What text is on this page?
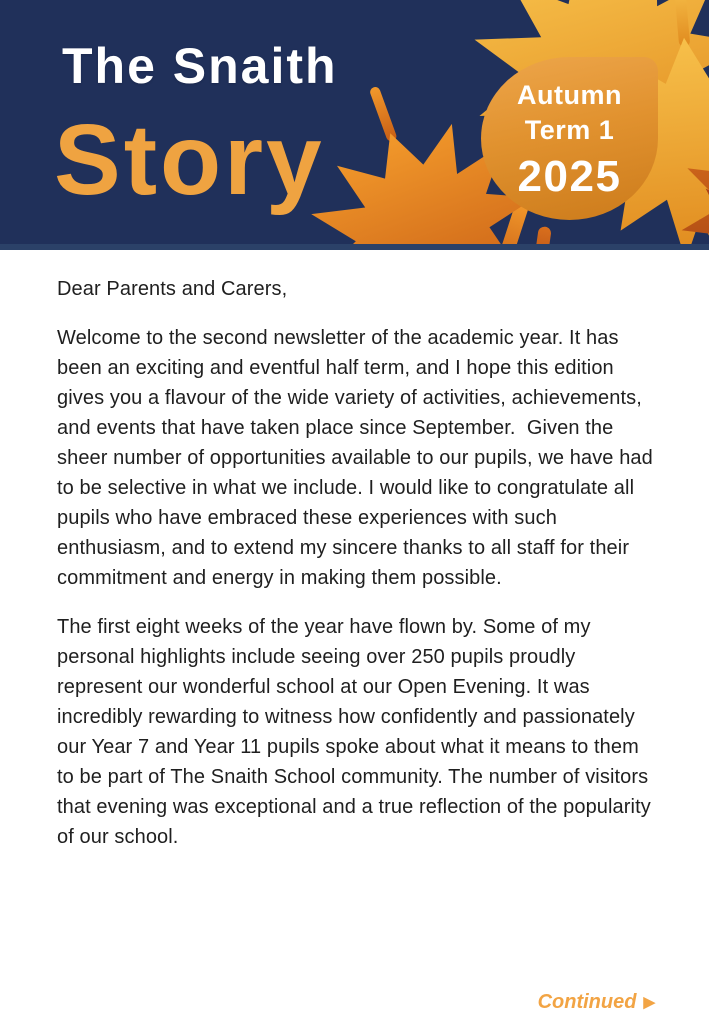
The Snaith
Story
Autumn
Term 1
2025

Dear Parents and Carers,

Welcome to the second newsletter of the academic year. It has been an exciting and eventful half term, and I hope this edition gives you a flavour of the wide variety of activities, achievements, and events that have taken place since September.  Given the sheer number of opportunities available to our pupils, we have had to be selective in what we include. I would like to congratulate all pupils who have embraced these experiences with such enthusiasm, and to extend my sincere thanks to all staff for their commitment and energy in making them possible.

The first eight weeks of the year have flown by. Some of my personal highlights include seeing over 250 pupils proudly represent our wonderful school at our Open Evening. It was incredibly rewarding to witness how confidently and passionately our Year 7 and Year 11 pupils spoke about what it means to them to be part of The Snaith School community. The number of visitors that evening was exceptional and a true reflection of the popularity of our school.

Continued ▶
